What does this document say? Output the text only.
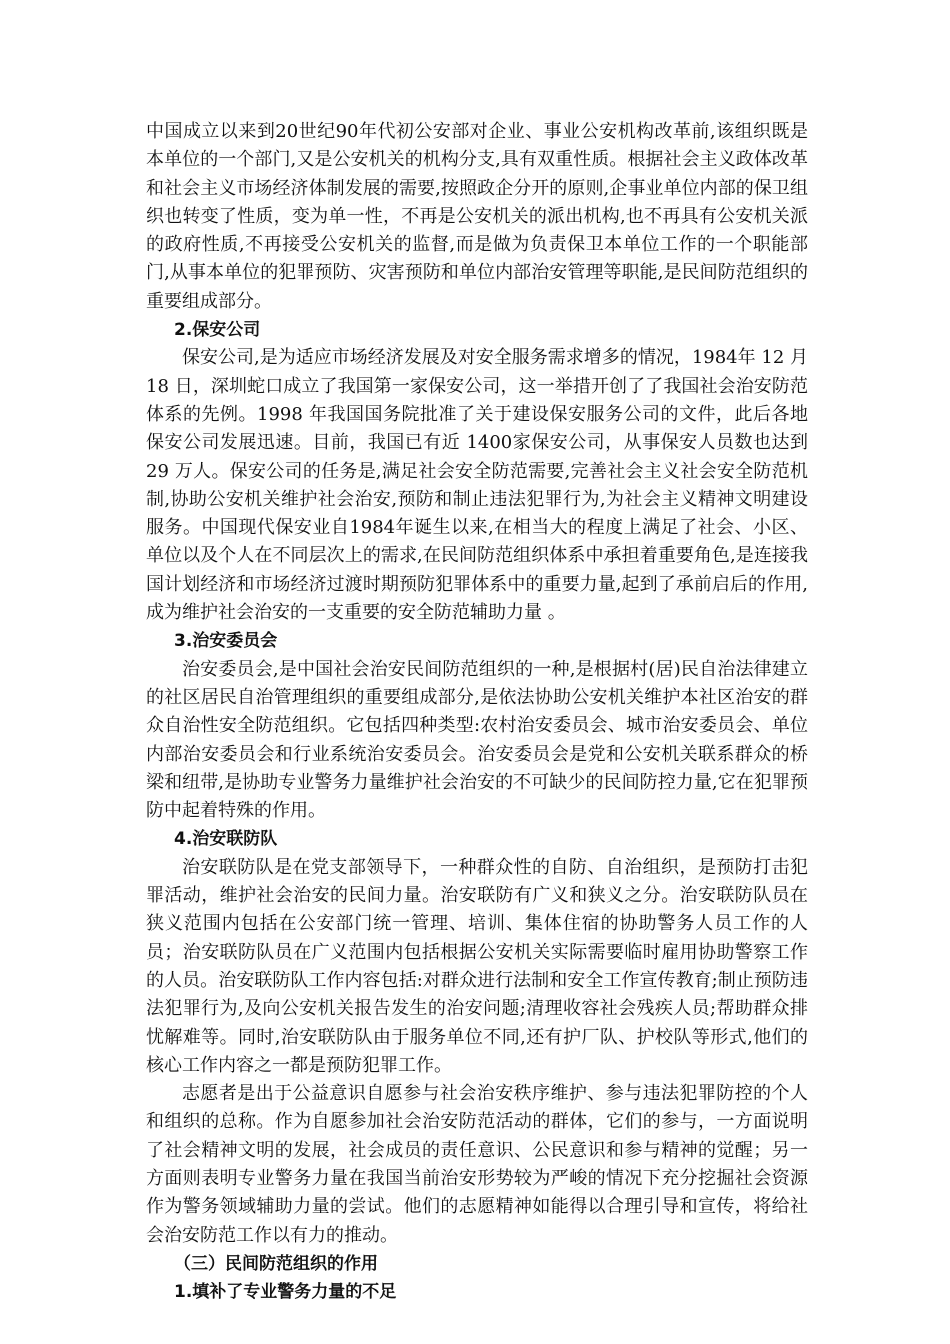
中国成立以来到20世纪90年代初公安部对企业、事业公安机构改革前,该组织既是本单位的一个部门,又是公安机关的机构分支,具有双重性质。根据社会主义政体改革和社会主义市场经济体制发展的需要,按照政企分开的原则,企事业单位内部的保卫组织也转变了性质，变为单一性，不再是公安机关的派出机构,也不再具有公安机关派的政府性质,不再接受公安机关的监督,而是做为负责保卫本单位工作的一个职能部门,从事本单位的犯罪预防、灾害预防和单位内部治安管理等职能,是民间防范组织的重要组成部分。

2.保安公司

保安公司,是为适应市场经济发展及对安全服务需求增多的情况，1984年 12 月 18 日，深圳蛇口成立了我国第一家保安公司，这一举措开创了了我国社会治安防范体系的先例。1998 年我国国务院批准了关于建设保安服务公司的文件，此后各地保安公司发展迅速。目前，我国已有近 1400家保安公司，从事保安人员数也达到29 万人。保安公司的任务是,满足社会安全防范需要,完善社会主义社会安全防范机制,协助公安机关维护社会治安,预防和制止违法犯罪行为,为社会主义精神文明建设服务。中国现代保安业自1984年诞生以来,在相当大的程度上满足了社会、小区、单位以及个人在不同层次上的需求,在民间防范组织体系中承担着重要角色,是连接我国计划经济和市场经济过渡时期预防犯罪体系中的重要力量,起到了承前启后的作用,成为维护社会治安的一支重要的安全防范辅助力量 。

3.治安委员会

治安委员会,是中国社会治安民间防范组织的一种,是根据村(居)民自治法律建立的社区居民自治管理组织的重要组成部分,是依法协助公安机关维护本社区治安的群众自治性安全防范组织。它包括四种类型:农村治安委员会、城市治安委员会、单位内部治安委员会和行业系统治安委员会。治安委员会是党和公安机关联系群众的桥梁和纽带,是协助专业警务力量维护社会治安的不可缺少的民间防控力量,它在犯罪预防中起着特殊的作用。

4.治安联防队

治安联防队是在党支部领导下，一种群众性的自防、自治组织，是预防打击犯罪活动，维护社会治安的民间力量。治安联防有广义和狭义之分。治安联防队员在狭义范围内包括在公安部门统一管理、培训、集体住宿的协助警务人员工作的人员；治安联防队员在广义范围内包括根据公安机关实际需要临时雇用协助警察工作的人员。治安联防队工作内容包括:对群众进行法制和安全工作宣传教育;制止预防违法犯罪行为,及向公安机关报告发生的治安问题;清理收容社会残疾人员;帮助群众排忧解难等。同时,治安联防队由于服务单位不同,还有护厂队、护校队等形式,他们的核心工作内容之一都是预防犯罪工作。

志愿者是出于公益意识自愿参与社会治安秩序维护、参与违法犯罪防控的个人和组织的总称。作为自愿参加社会治安防范活动的群体，它们的参与，一方面说明了社会精神文明的发展，社会成员的责任意识、公民意识和参与精神的觉醒；另一方面则表明专业警务力量在我国当前治安形势较为严峻的情况下充分挖掘社会资源作为警务领域辅助力量的尝试。他们的志愿精神如能得以合理引导和宣传，将给社会治安防范工作以有力的推动。

（三）民间防范组织的作用

1.填补了专业警务力量的不足
